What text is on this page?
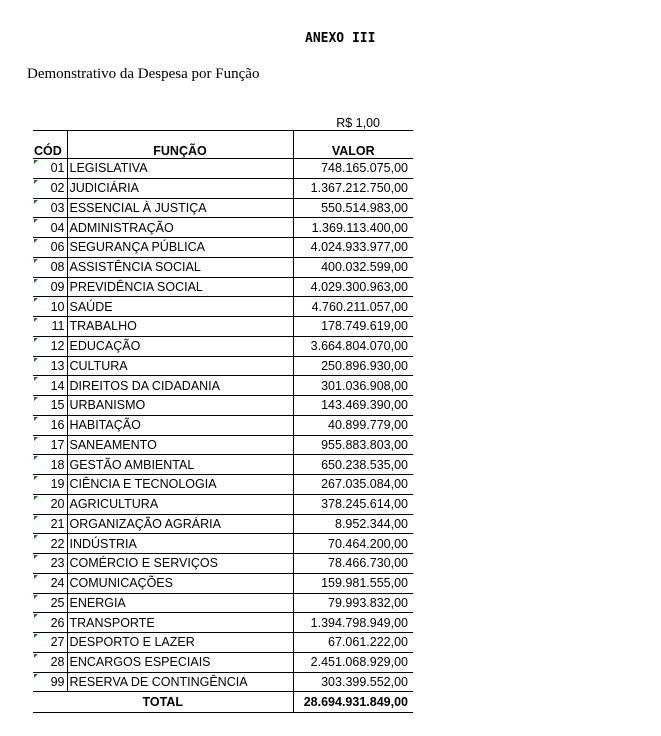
ANEXO III
Demonstrativo da Despesa por Função
R$ 1,00
CÓD	FUNÇÃO	VALOR
01	LEGISLATIVA	748.165.075,00
02	JUDICIÁRIA	1.367.212.750,00
03	ESSENCIAL À JUSTIÇA	550.514.983,00
04	ADMINISTRAÇÃO	1.369.113.400,00
06	SEGURANÇA PÚBLICA	4.024.933.977,00
08	ASSISTÊNCIA SOCIAL	400.032.599,00
09	PREVIDÊNCIA SOCIAL	4.029.300.963,00
10	SAÚDE	4.760.211.057,00
11	TRABALHO	178.749.619,00
12	EDUCAÇÃO	3.664.804.070,00
13	CULTURA	250.896.930,00
14	DIREITOS DA CIDADANIA	301.036.908,00
15	URBANISMO	143.469.390,00
16	HABITAÇÃO	40.899.779,00
17	SANEAMENTO	955.883.803,00
18	GESTÃO AMBIENTAL	650.238.535,00
19	CIÊNCIA E TECNOLOGIA	267.035.084,00
20	AGRICULTURA	378.245.614,00
21	ORGANIZAÇÃO AGRÁRIA	8.952.344,00
22	INDÚSTRIA	70.464.200,00
23	COMÉRCIO E SERVIÇOS	78.466.730,00
24	COMUNICAÇÕES	159.981.555,00
25	ENERGIA	79.993.832,00
26	TRANSPORTE	1.394.798.949,00
27	DESPORTO E LAZER	67.061.222,00
28	ENCARGOS ESPECIAIS	2.451.068.929,00
99	RESERVA DE CONTINGÊNCIA	303.399.552,00
TOTAL		28.694.931.849,00
